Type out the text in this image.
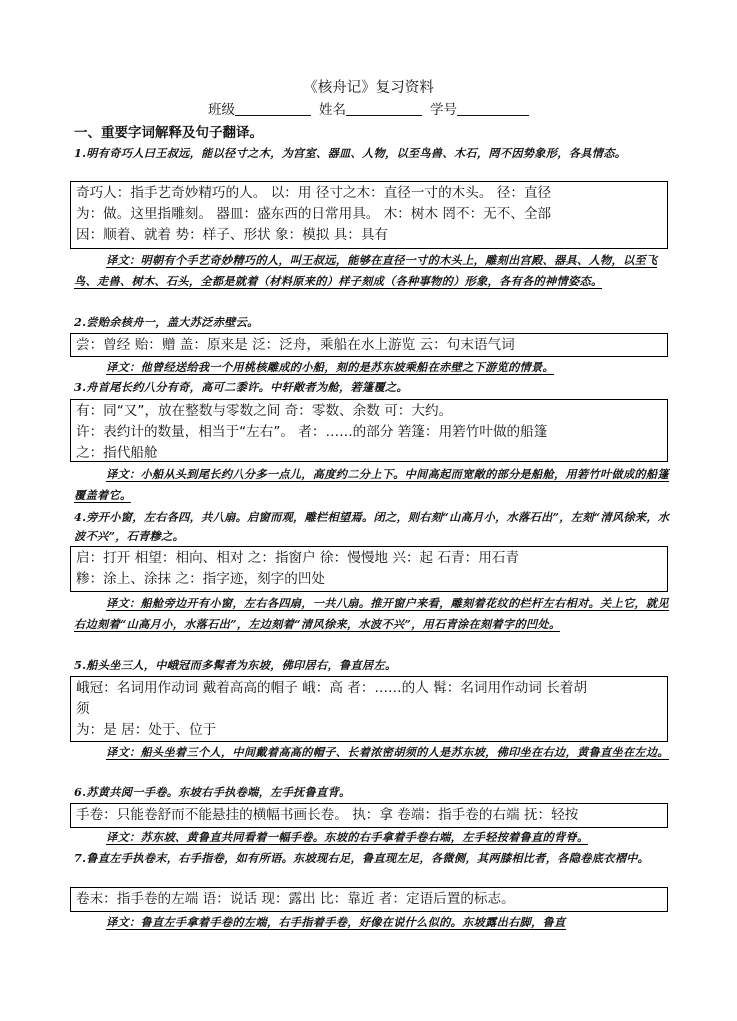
《核舟记》复习资料
班级	姓名	学号
一、重要字词解释及句子翻译。
1.明有奇巧人曰王叔远，能以径寸之木，为宫室、器皿、人物，以至鸟兽、木石，罔不因势象形，各具情态。

奇巧人：指手艺奇妙精巧的人。 以：用 径寸之木：直径一寸的木头。 径：直径

为：做。这里指雕刻。 器皿：盛东西的日常用具。 木：树木 罔不：无不、全部

因：顺着、就着 势：样子、形状 象：模拟 具：具有

译文：明朝有个手艺奇妙精巧的人，叫王叔远，能够在直径一寸的木头上，雕刻出宫殿、器具、人物，以至飞鸟、走兽、树木、石头，全都是就着（材料原来的）样子刻成（各种事物的）形象，各有各的神情姿态。
2.尝贻余核舟一，盖大苏泛赤壁云。

尝：曾经 贻：赠 盖：原来是 泛：泛舟，乘船在水上游览 云：句末语气词

译文：他曾经送给我一个用桃核雕成的小船，刻的是苏东坡乘船在赤壁之下游览的情景。
3.舟首尾长约八分有奇，高可二黍许。中轩敞者为舱，箬篷覆之。

有：同“又”，放在整数与零数之间 奇：零数、余数 可：大约。

许：表约计的数量，相当于“左右”。 者：……的部分 箬篷：用箬竹叶做的船篷

之：指代船舱

译文：小船从头到尾长约八分多一点儿，高度约二分上下。中间高起而宽敞的部分是船舱，用箬竹叶做成的船篷覆盖着它。
4.旁开小窗，左右各四，共八扇。启窗而观，雕栏相望焉。闭之，则右刻“山高月小，水落石出”，左刻“清风徐来，水波不兴”，石青糁之。

启：打开 相望：相向、相对 之：指窗户 徐：慢慢地 兴：起 石青：用石青

糁：涂上、涂抹 之：指字迹，刻字的凹处

译文：船舱旁边开有小窗，左右各四扇，一共八扇。推开窗户来看，雕刻着花纹的栏杆左右相对。关上它，就见右边刻着“山高月小，水落石出”，左边刻着“清风徐来，水波不兴”，用石青涂在刻着字的凹处。
5.船头坐三人，中峨冠而多髯者为东坡，佛印居右，鲁直居左。

峨冠：名词用作动词 戴着高高的帽子 峨：高 者：……的人 髯：名词用作动词 长着胡

须

为：是 居：处于、位于

译文：船头坐着三个人，中间戴着高高的帽子、长着浓密胡须的人是苏东坡，佛印坐在右边，黄鲁直坐在左边。
6.苏黄共阅一手卷。东坡右手执卷端，左手抚鲁直背。

手卷：只能卷舒而不能悬挂的横幅书画长卷。 执：拿 卷端：指手卷的右端 抚：轻按

译文：苏东坡、黄鲁直共同看着一幅手卷。东坡的右手拿着手卷右端，左手轻按着鲁直的背脊。
7.鲁直左手执卷末，右手指卷，如有所语。东坡现右足，鲁直现左足，各微侧，其两膝相比者，各隐卷底衣褶中。

卷末：指手卷的左端 语：说话 现：露出 比：靠近 者：定语后置的标志。

译文：鲁直左手拿着手卷的左端，右手指着手卷，好像在说什么似的。东坡露出右脚，鲁直
